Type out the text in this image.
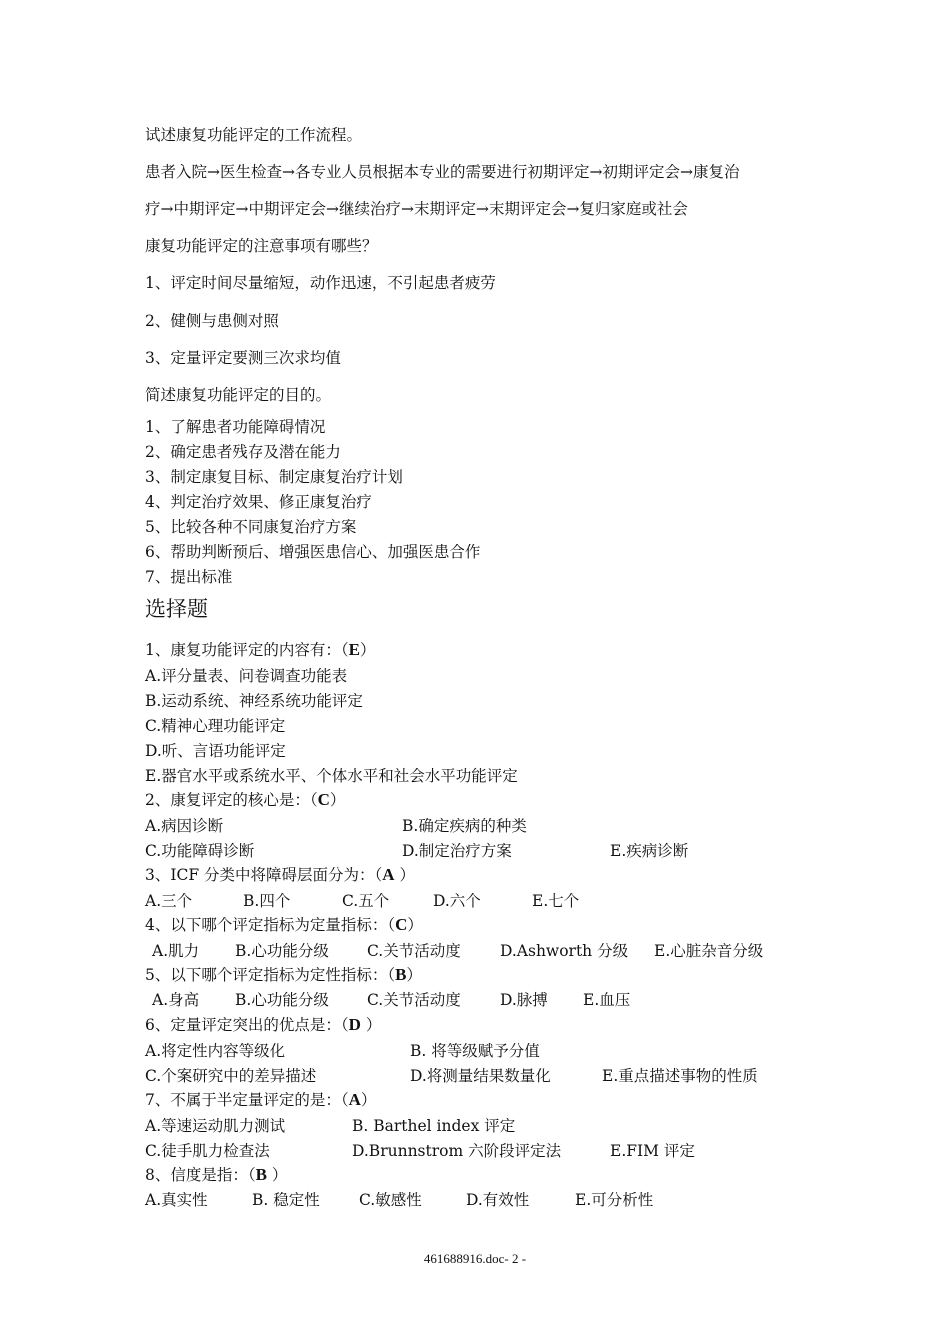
试述康复功能评定的工作流程。
患者入院→医生检查→各专业人员根据本专业的需要进行初期评定→初期评定会→康复治
疗→中期评定→中期评定会→继续治疗→末期评定→末期评定会→复归家庭或社会
康复功能评定的注意事项有哪些？
1、评定时间尽量缩短，动作迅速，不引起患者疲劳
2、健侧与患侧对照
3、定量评定要测三次求均值
简述康复功能评定的目的。
1、了解患者功能障碍情况
2、确定患者残存及潜在能力
3、制定康复目标、制定康复治疗计划
4、判定治疗效果、修正康复治疗
5、比较各种不同康复治疗方案
6、帮助判断预后、增强医患信心、加强医患合作
7、提出标准
选择题
1、康复功能评定的内容有：（E）
A.评分量表、问卷调查功能表
B.运动系统、神经系统功能评定
C.精神心理功能评定
D.听、言语功能评定
E.器官水平或系统水平、个体水平和社会水平功能评定
2、康复评定的核心是：（C）
A.病因诊断	B.确定疾病的种类
C.功能障碍诊断	D.制定治疗方案	E.疾病诊断
3、ICF 分类中将障碍层面分为：（A ）
A.三个	B.四个	C.五个	D.六个	E.七个
4、以下哪个评定指标为定量指标：（C）
A.肌力 B.心功能分级 C.关节活动度	D.Ashworth 分级 E.心脏杂音分级
5、以下哪个评定指标为定性指标：（B）
A.身高 B.心功能分级 C.关节活动度	D.脉搏 E.血压
6、定量评定突出的优点是：（D ）
A.将定性内容等级化	B. 将等级赋予分值
C.个案研究中的差异描述	D.将测量结果数量化	E.重点描述事物的性质
7、不属于半定量评定的是：（A）
A.等速运动肌力测试	B. Barthel index 评定
C.徒手肌力检查法	D.Brunnstrom 六阶段评定法	E.FIM 评定
8、信度是指：（B ）
A.真实性	B. 稳定性	C.敏感性	D.有效性	E.可分析性
461688916.doc- 2 -
